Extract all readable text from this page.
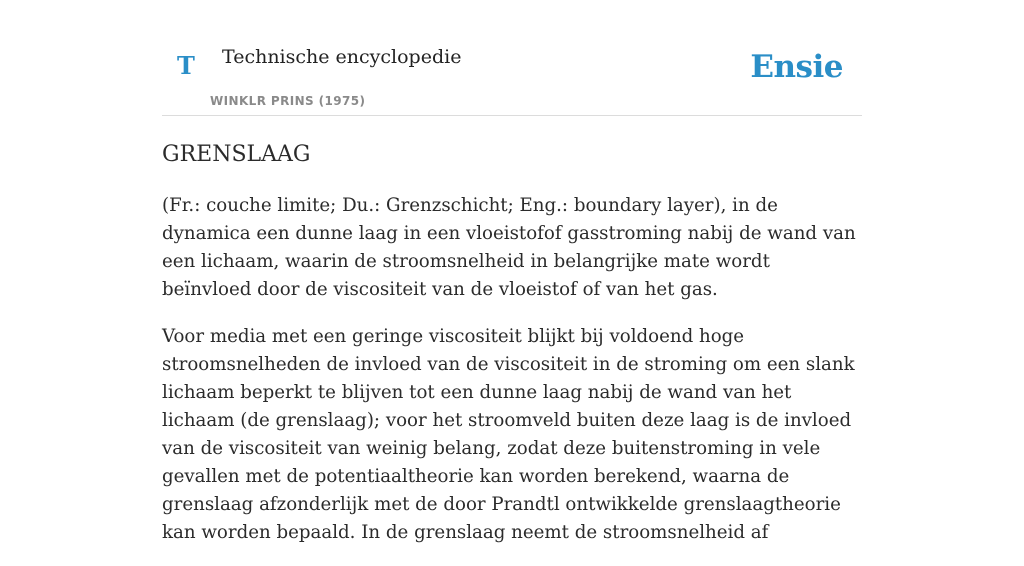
T Technische encyclopedie
WINKLR PRINS (1975)
Ensie
GRENSLAAG

(Fr.: couche limite; Du.: Grenzschicht; Eng.: boundary layer), in de dynamica een dunne laag in een vloeistofof gasstroming nabij de wand van een lichaam, waarin de stroomsnelheid in belangrijke mate wordt beïnvloed door de viscositeit van de vloeistof of van het gas.

Voor media met een geringe viscositeit blijkt bij voldoend hoge stroomsnelheden de invloed van de viscositeit in de stroming om een slank lichaam beperkt te blijven tot een dunne laag nabij de wand van het lichaam (de grenslaag); voor het stroomveld buiten deze laag is de invloed van de viscositeit van weinig belang, zodat deze buitenstroming in vele gevallen met de potentiaaltheorie kan worden berekend, waarna de grenslaag afzonderlijk met de door Prandtl ontwikkelde grenslaagtheorie kan worden bepaald. In de grenslaag neemt de stroomsnelheid af
